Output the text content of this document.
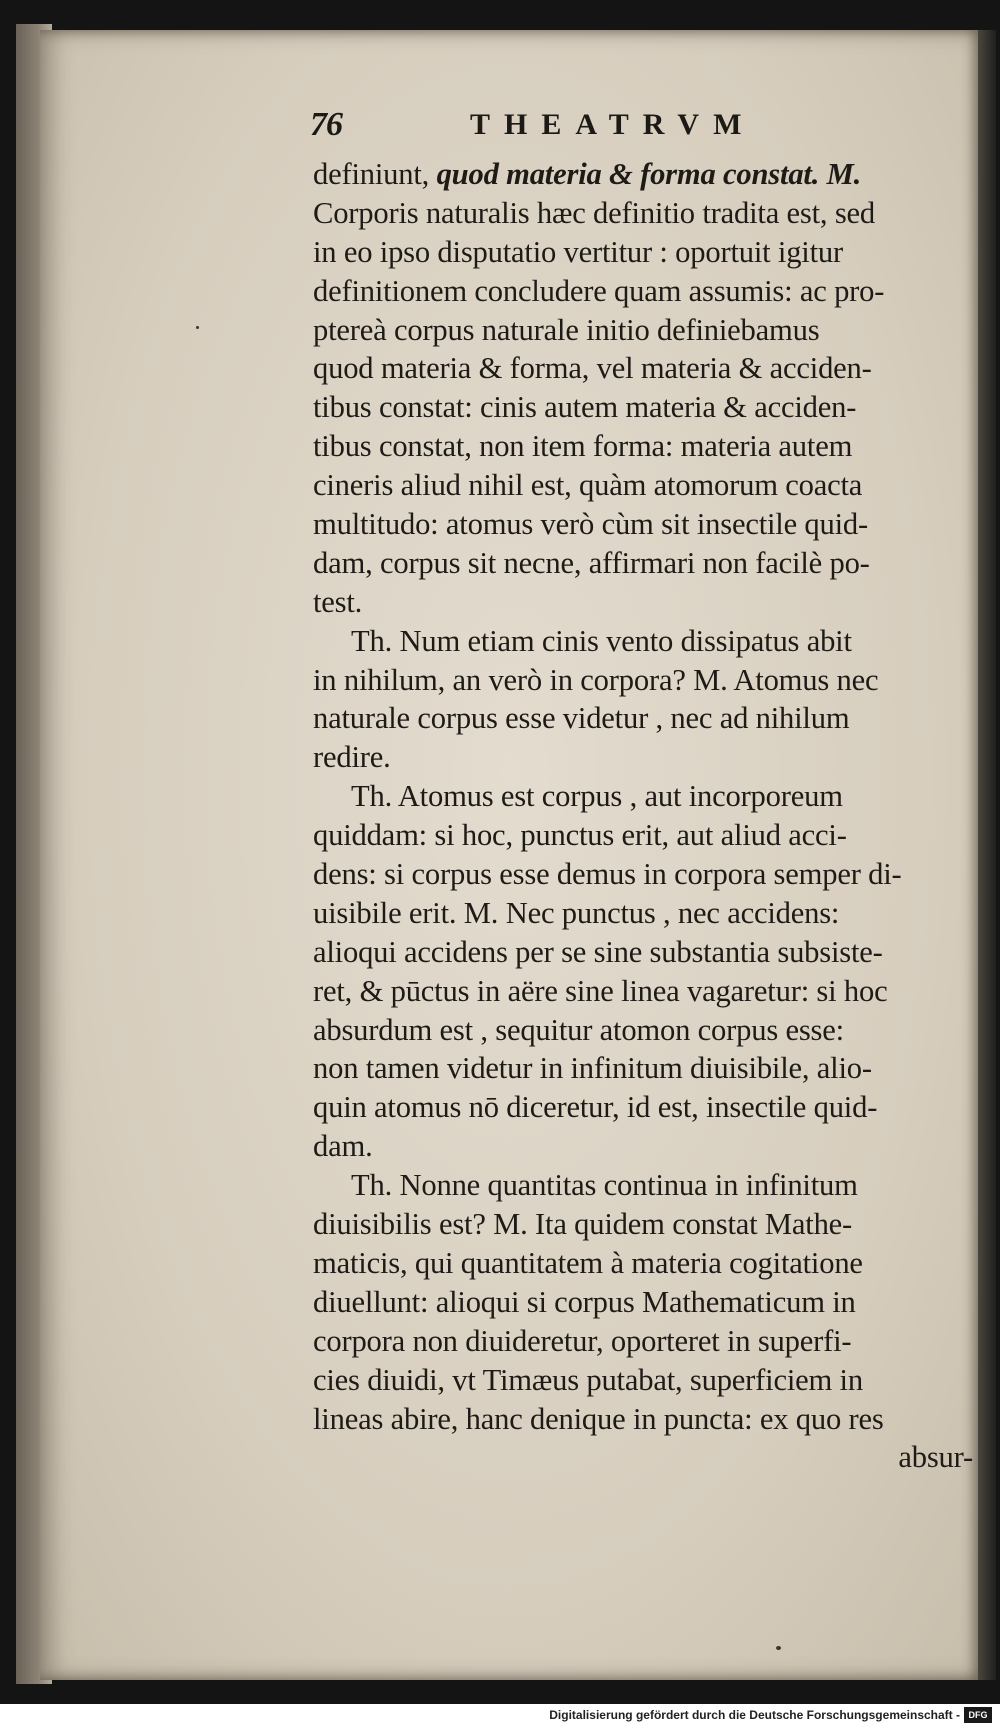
76	THEATRVM
definiunt, quod materia & forma constat. M.
Corporis naturalis hæc definitio tradita est, sed
in eo ipso disputatio vertitur : oportuit igitur
definitionem concludere quam assumis: ac pro-
ptereà corpus naturale initio definiebamus
quod materia & forma, vel materia & acciden-
tibus constat: cinis autem materia & acciden-
tibus constat, non item forma: materia autem
cineris aliud nihil est, quàm atomorum coacta
multitudo: atomus verò cùm sit insectile quid-
dam, corpus sit necne, affirmari non facilè po-
test.
Th. Num etiam cinis vento dissipatus abit
in nihilum, an verò in corpora? M. Atomus nec
naturale corpus esse videtur , nec ad nihilum
redire.
Th. Atomus est corpus , aut incorporeum
quiddam: si hoc, punctus erit, aut aliud acci-
dens: si corpus esse demus in corpora semper di-
uisibile erit. M. Nec punctus , nec accidens:
alioqui accidens per se sine substantia subsiste-
ret, & pūctus in aëre sine linea vagaretur: si hoc
absurdum est , sequitur atomon corpus esse:
non tamen videtur in infinitum diuisibile, alio-
quin atomus nō diceretur, id est, insectile quid-
dam.
Th. Nonne quantitas continua in infinitum
diuisibilis est? M. Ita quidem constat Mathe-
maticis, qui quantitatem à materia cogitatione
diuellunt: alioqui si corpus Mathematicum in
corpora non diuideretur, oporteret in superfi-
cies diuidi, vt Timæus putabat, superficiem in
lineas abire, hanc denique in puncta: ex quo res
absur-
Digitalisierung gefördert durch die Deutsche Forschungsgemeinschaft - DFG
